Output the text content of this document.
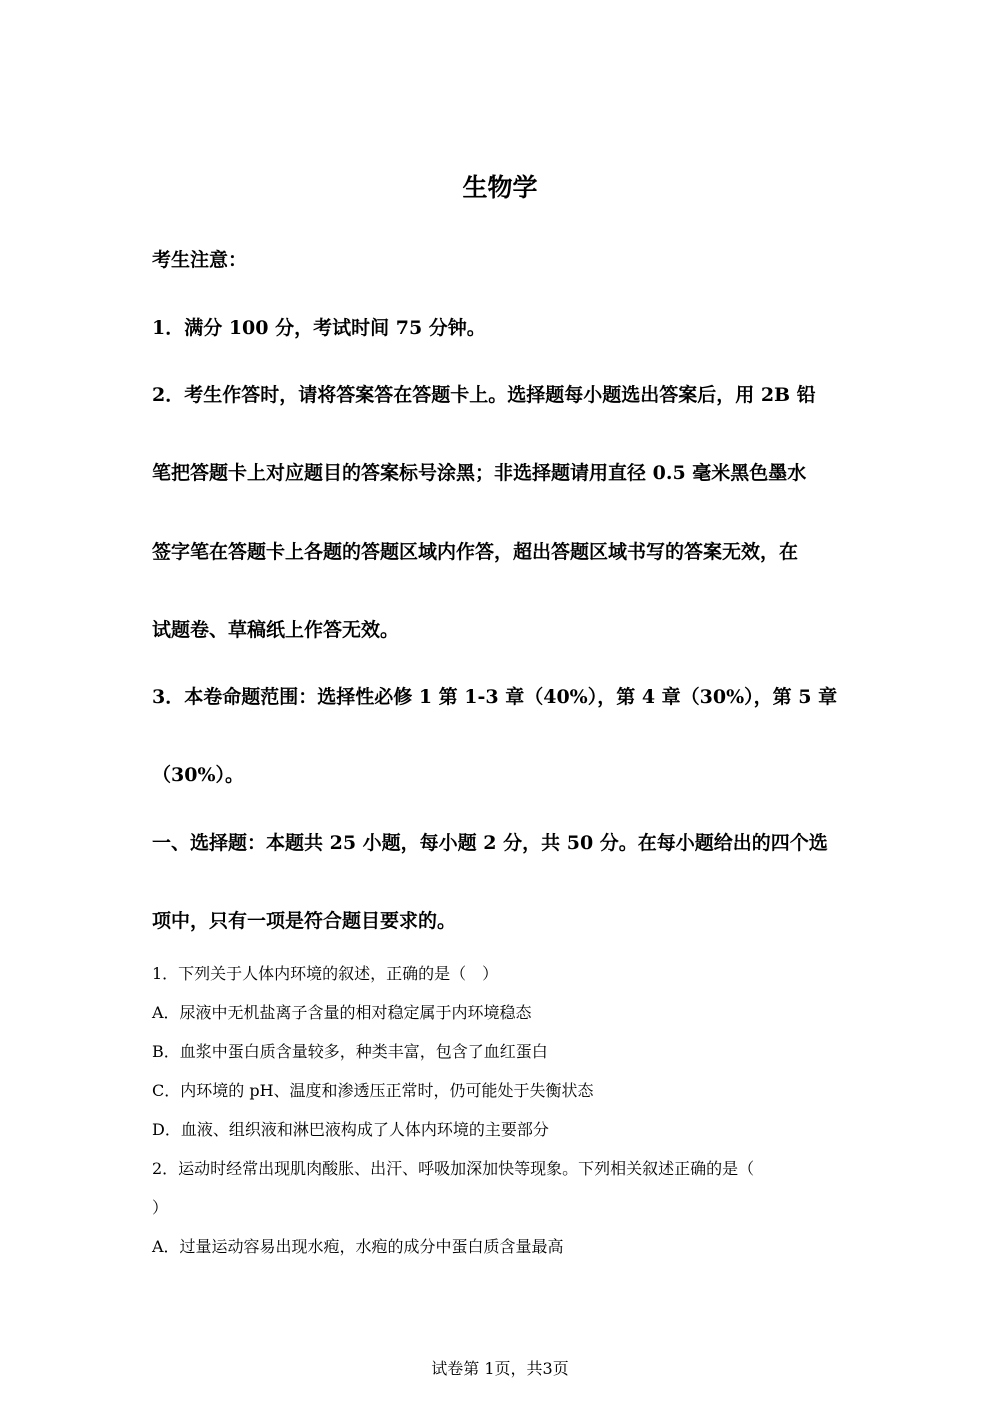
生物学
考生注意：
1．满分 100 分，考试时间 75 分钟。
2．考生作答时，请将答案答在答题卡上。选择题每小题选出答案后，用 2B 铅
笔把答题卡上对应题目的答案标号涂黑；非选择题请用直径 0.5 毫米黑色墨水
签字笔在答题卡上各题的答题区域内作答，超出答题区域书写的答案无效，在
试题卷、草稿纸上作答无效。
3．本卷命题范围：选择性必修 1 第 1-3 章（40%），第 4 章（30%），第 5 章
（30%）。
一、选择题：本题共 25 小题，每小题 2 分，共 50 分。在每小题给出的四个选
项中，只有一项是符合题目要求的。
1．下列关于人体内环境的叙述，正确的是（　）
A．尿液中无机盐离子含量的相对稳定属于内环境稳态
B．血浆中蛋白质含量较多，种类丰富，包含了血红蛋白
C．内环境的 pH、温度和渗透压正常时，仍可能处于失衡状态
D．血液、组织液和淋巴液构成了人体内环境的主要部分
2．运动时经常出现肌肉酸胀、出汗、呼吸加深加快等现象。下列相关叙述正确的是（
）
A．过量运动容易出现水疱，水疱的成分中蛋白质含量最高
试卷第 1页，共3页
